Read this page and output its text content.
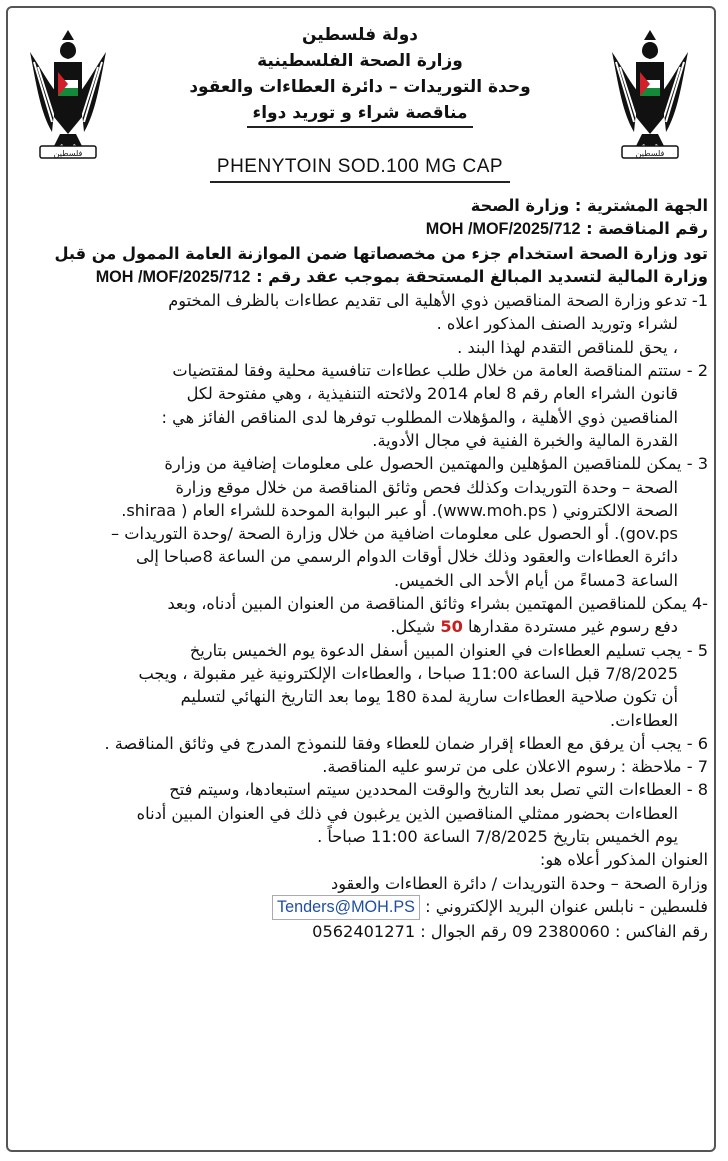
فلسطين	فلسطين
دولة فلسطين
وزارة الصحة الفلسطينية
وحدة التوريدات – دائرة العطاءات والعقود
مناقصة شراء و توريد دواء
PHENYTOIN SOD.100 MG CAP
الجهة المشترية : وزارة الصحة
رقم المناقصة : MOH /MOF/2025/712
تود وزارة الصحة استخدام جزء من مخصصاتها ضمن الموازنة العامة الممول من قبل
وزارة المالية لتسديد المبالغ المستحقة بموجب عقد رقم : MOH /MOF/2025/712
1- تدعو وزارة الصحة المناقصين ذوي الأهلية الى تقديم عطاءات بالظرف المختوم
لشراء وتوريد الصنف المذكور اعلاه .
، يحق للمناقص التقدم لهذا البند .
2 - ستتم المناقصة العامة من خلال طلب عطاءات تنافسية محلية وفقا لمقتضيات
قانون الشراء العام رقم 8 لعام 2014 ولائحته التنفيذية ، وهي مفتوحة لكل
المناقصين ذوي الأهلية ، والمؤهلات المطلوب توفرها لدى المناقص الفائز هي :
القدرة المالية والخبرة الفنية في مجال الأدوية.
3 - يمكن للمناقصين المؤهلين والمهتمين الحصول على معلومات إضافية من وزارة
الصحة – وحدة التوريدات وكذلك فحص وثائق المناقصة من خلال موقع وزارة
الصحة الالكتروني ( www.moh.ps). أو عبر البوابة الموحدة للشراء العام ( shiraa.
gov.ps). أو الحصول على معلومات اضافية من خلال وزارة الصحة /وحدة التوريدات –
دائرة العطاءات والعقود وذلك خلال أوقات الدوام الرسمي من الساعة 8صباحا إلى
الساعة 3مساءً من أيام الأحد الى الخميس.
-4 يمكن للمناقصين المهتمين بشراء وثائق المناقصة من العنوان المبين أدناه، وبعد
دفع رسوم غير مستردة مقدارها 50 شيكل.
5 - يجب تسليم العطاءات في العنوان المبين أسفل الدعوة يوم الخميس بتاريخ
7/8/2025 قبل الساعة 11:00 صباحا ، والعطاءات الإلكترونية غير مقبولة ، ويجب
أن تكون صلاحية العطاءات سارية لمدة 180 يوما بعد التاريخ النهائي لتسليم
العطاءات.
6 - يجب أن يرفق مع العطاء إقرار ضمان للعطاء وفقا للنموذج المدرج في وثائق المناقصة .
7 - ملاحظة : رسوم الاعلان على من ترسو عليه المناقصة.
8 - العطاءات التي تصل بعد التاريخ والوقت المحددين سيتم استبعادها، وسيتم فتح
العطاءات بحضور ممثلي المناقصين الذين يرغبون في ذلك في العنوان المبين أدناه
يوم الخميس بتاريخ 7/8/2025 الساعة 11:00 صباحاً .
العنوان المذكور أعلاه هو:
وزارة الصحة – وحدة التوريدات / دائرة العطاءات والعقود
فلسطين - نابلس عنوان البريد الإلكتروني : Tenders@MOH.PS
رقم الفاكس : 2380060 09 رقم الجوال : 0562401271
